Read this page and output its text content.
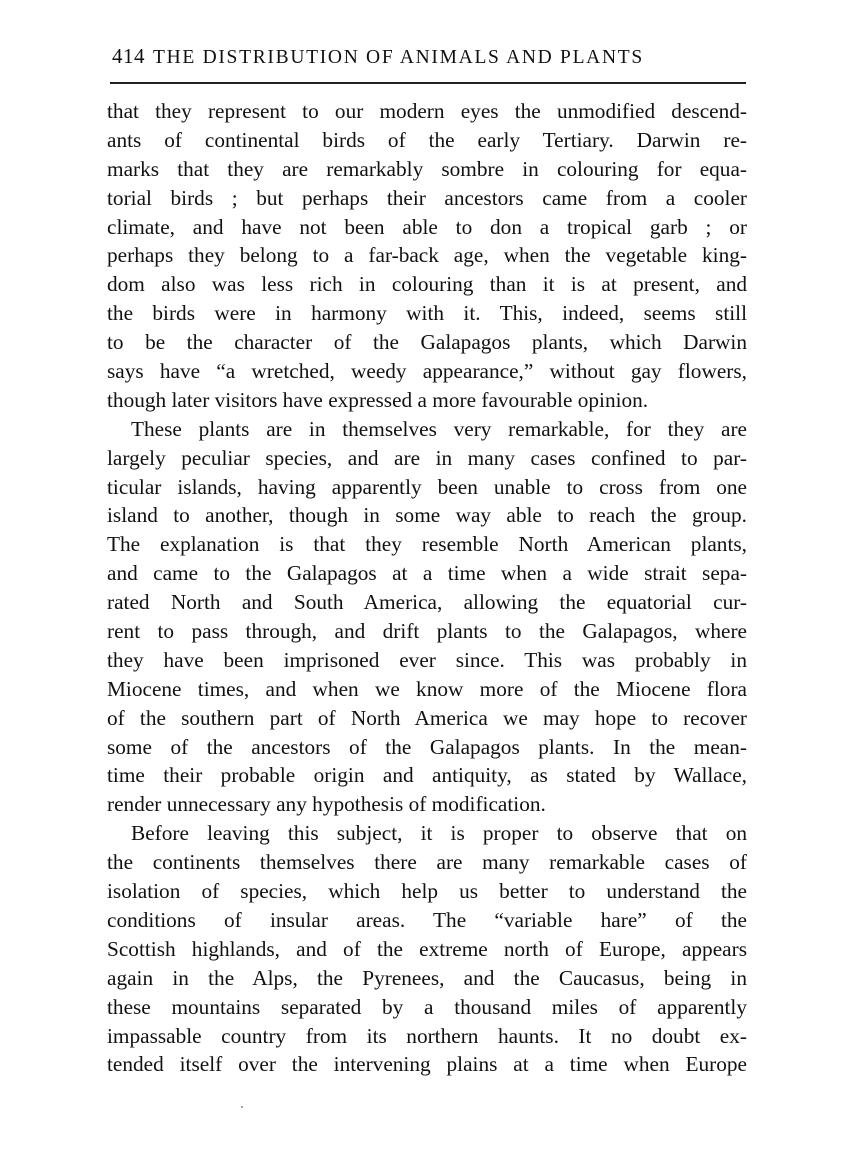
414 THE DISTRIBUTION OF ANIMALS AND PLANTS
that they represent to our modern eyes the unmodified descend-
ants of continental birds of the early Tertiary. Darwin re-
marks that they are remarkably sombre in colouring for equa-
torial birds ; but perhaps their ancestors came from a cooler
climate, and have not been able to don a tropical garb ; or
perhaps they belong to a far-back age, when the vegetable king-
dom also was less rich in colouring than it is at present, and
the birds were in harmony with it. This, indeed, seems still
to be the character of the Galapagos plants, which Darwin
says have “a wretched, weedy appearance,” without gay flowers,
though later visitors have expressed a more favourable opinion.
These plants are in themselves very remarkable, for they are
largely peculiar species, and are in many cases confined to par-
ticular islands, having apparently been unable to cross from one
island to another, though in some way able to reach the group.
The explanation is that they resemble North American plants,
and came to the Galapagos at a time when a wide strait sepa-
rated North and South America, allowing the equatorial cur-
rent to pass through, and drift plants to the Galapagos, where
they have been imprisoned ever since. This was probably in
Miocene times, and when we know more of the Miocene flora
of the southern part of North America we may hope to recover
some of the ancestors of the Galapagos plants. In the mean-
time their probable origin and antiquity, as stated by Wallace,
render unnecessary any hypothesis of modification.
Before leaving this subject, it is proper to observe that on
the continents themselves there are many remarkable cases of
isolation of species, which help us better to understand the
conditions of insular areas. The “variable hare” of the
Scottish highlands, and of the extreme north of Europe, appears
again in the Alps, the Pyrenees, and the Caucasus, being in
these mountains separated by a thousand miles of apparently
impassable country from its northern haunts. It no doubt ex-
tended itself over the intervening plains at a time when Europe
